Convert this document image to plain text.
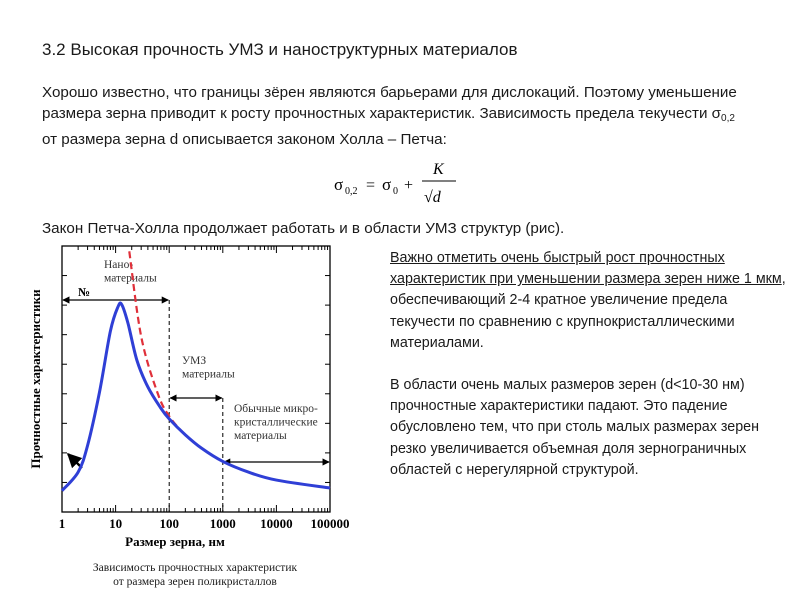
3.2 Высокая прочность УМЗ и наноструктурных материалов
Хорошо известно, что границы зёрен являются барьерами для дислокаций. Поэтому уменьшение
размера зерна приводит к росту прочностных характеристик. Зависимость предела текучести $\sigma_{0,2}$
от размера зерна d описывается законом Холла – Петча:
σ 0,2 = σ 0 +
K
√d
Закон Петча-Холла продолжает работать и в области УМЗ структур (рис).
1	10	100 1000 10000 100000
Нано-материалы
№
УМЗ материалы
Обычные микро-кристаллические материалы
Прочностные характеристики
Размер зерна, нм

Важно отметить очень быстрый рост прочностных характеристик при уменьшении размера зерен ниже 1 мкм, обеспечивающий 2-4 кратное увеличение предела текучести по сравнению с крупнокристаллическими материалами.

В области очень малых размеров зерен (d<10-30 нм) прочностные характеристики падают. Это падение обусловлено тем, что при столь малых размерах зерен резко увеличивается объемная доля зернограничных областей с нерегулярной структурой.

Зависимость прочностных характеристик
от размера зерен поликристаллов
